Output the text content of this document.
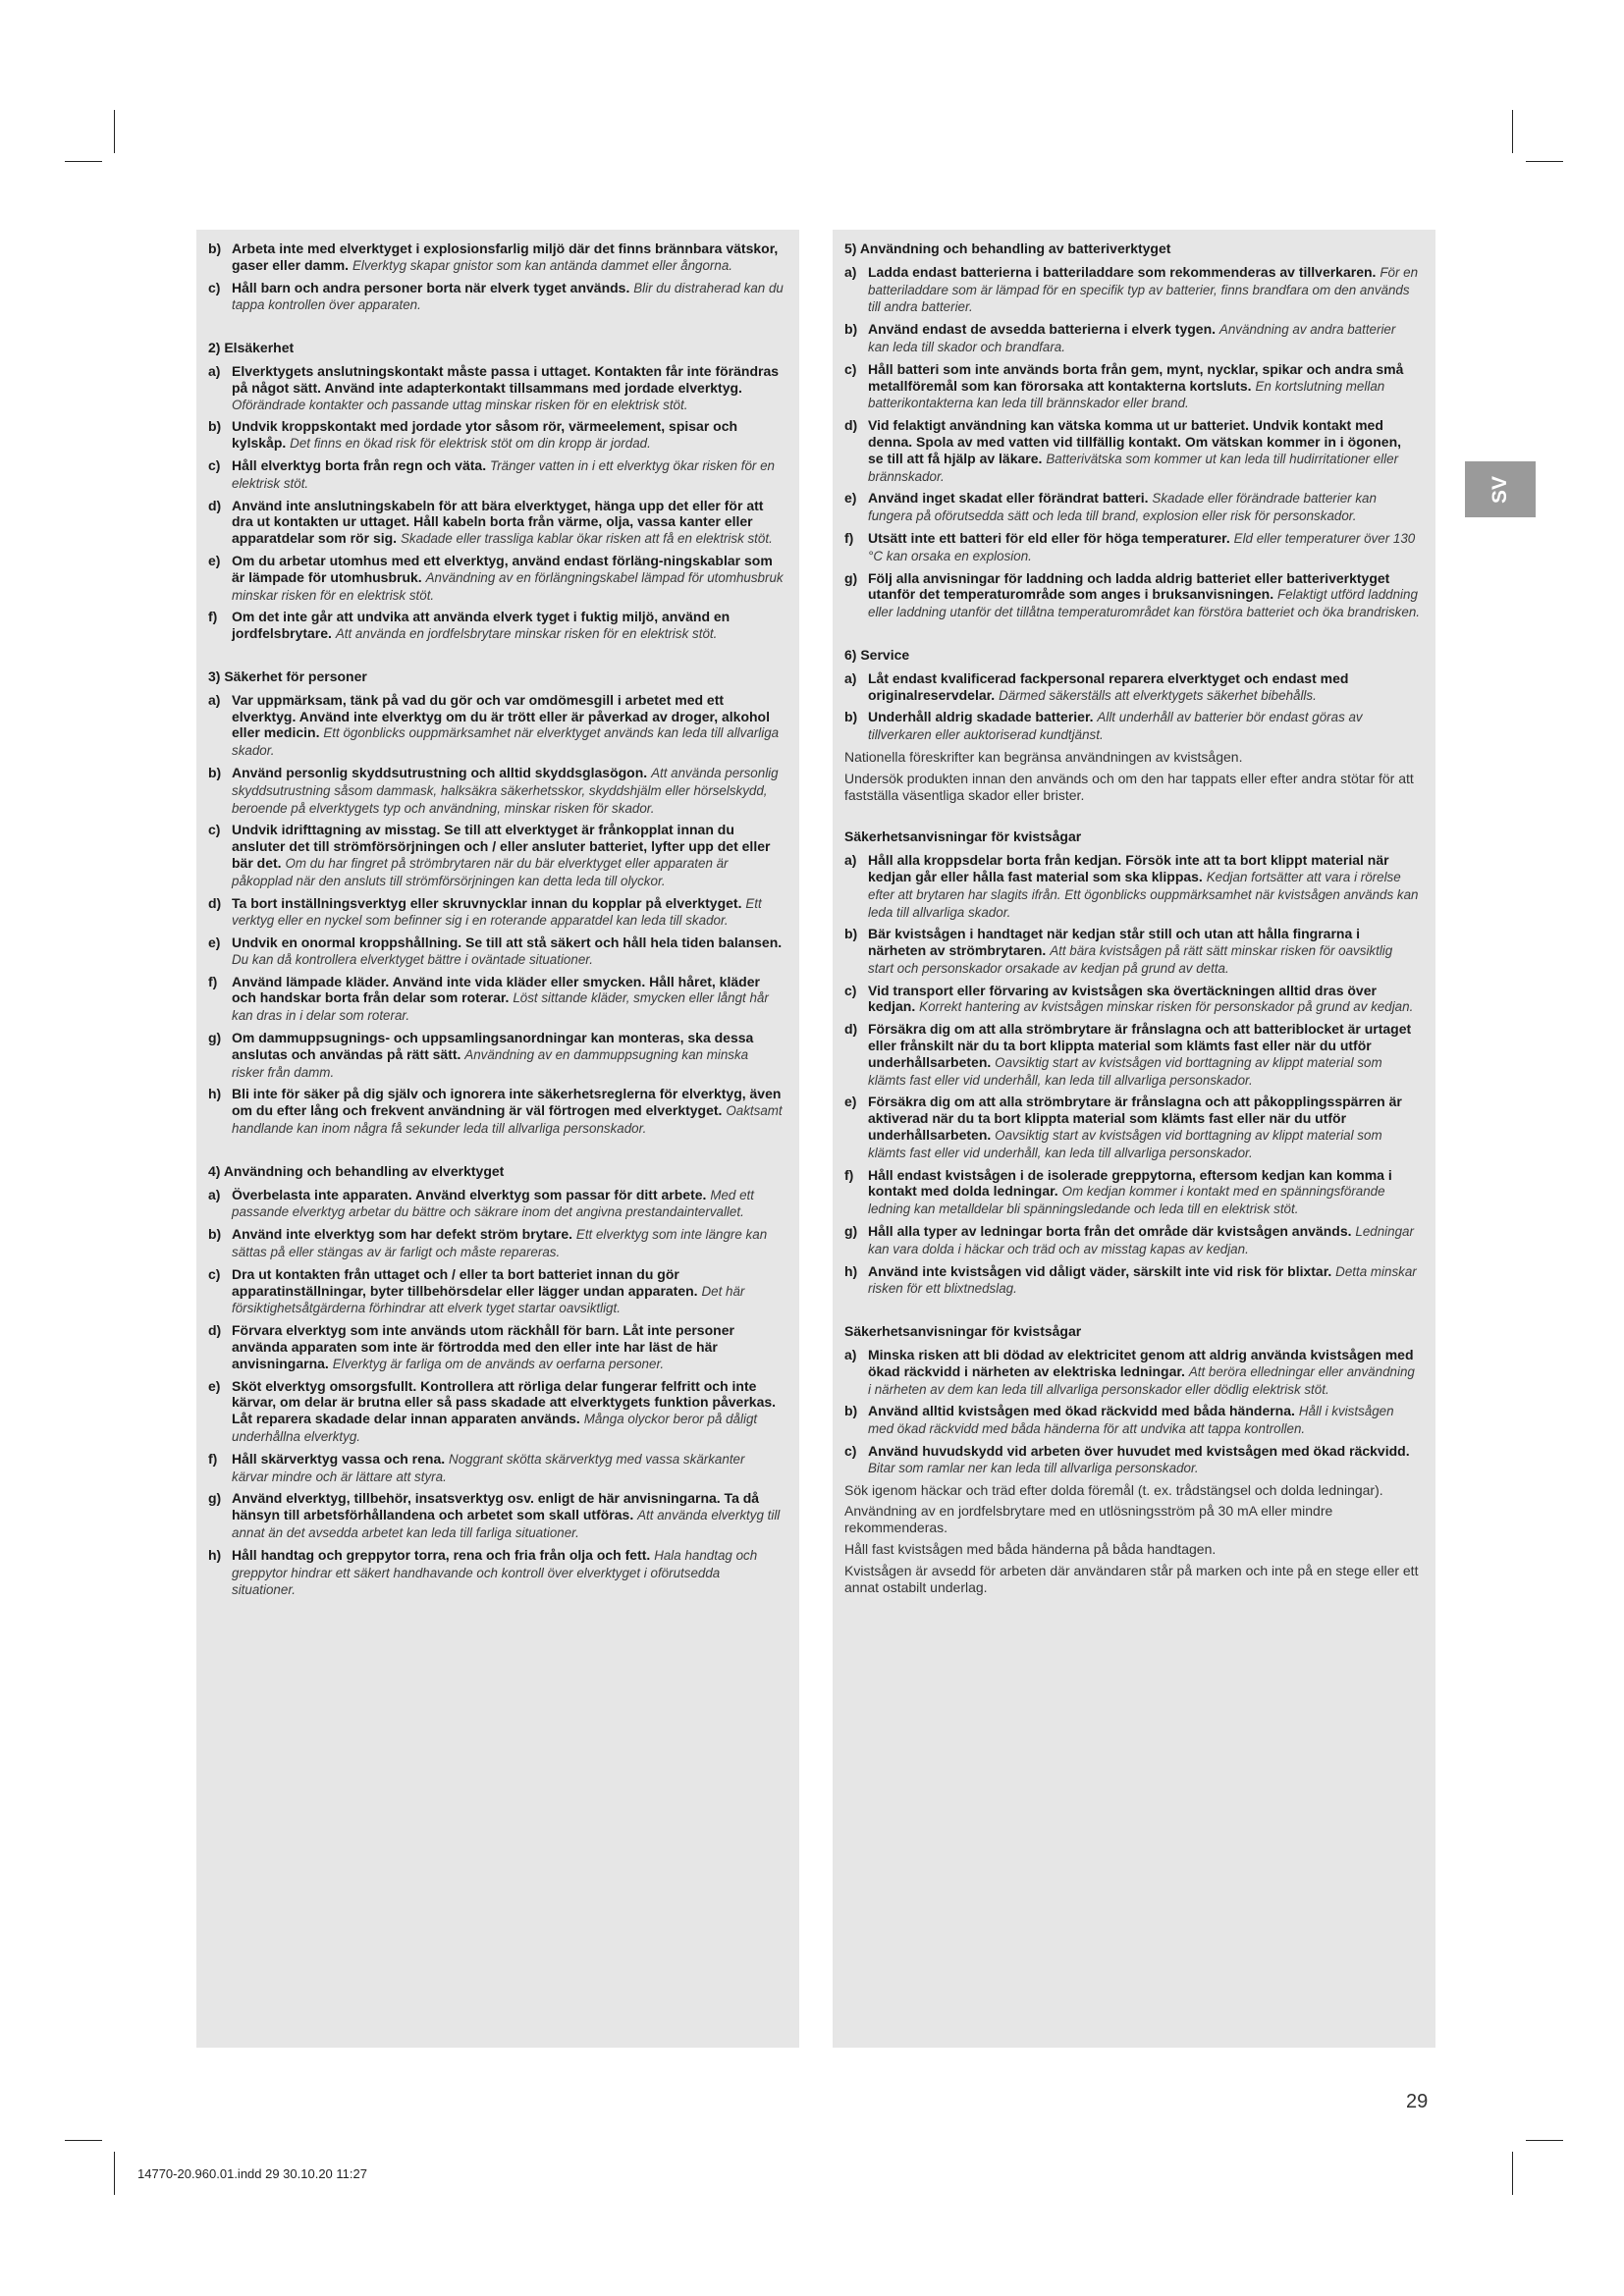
b) Arbeta inte med elverktyget i explosionsfarlig miljö där det finns brännbara vätskor, gaser eller damm. Elverktyg skapar gnistor som kan antända dammet eller ångorna.
c) Håll barn och andra personer borta när elverk tyget används. Blir du distraherad kan du tappa kontrollen över apparaten.
2) Elsäkerhet
a) Elverktygets anslutningskontakt måste passa i uttaget. Kontakten får inte förändras på något sätt. Använd inte adapterkontakt tillsammans med jordade elverktyg. Oförändrade kontakter och passande uttag minskar risken för en elektrisk stöt.
b) Undvik kroppskontakt med jordade ytor såsom rör, värmeelement, spisar och kylskåp. Det finns en ökad risk för elektrisk stöt om din kropp är jordad.
c) Håll elverktyg borta från regn och väta. Tränger vatten in i ett elverktyg ökar risken för en elektrisk stöt.
d) Använd inte anslutningskabeln för att bära elverktyget, hänga upp det eller för att dra ut kontakten ur uttaget. Håll kabeln borta från värme, olja, vassa kanter eller apparatdelar som rör sig. Skadade eller trassliga kablar ökar risken att få en elektrisk stöt.
e) Om du arbetar utomhus med ett elverktyg, använd endast förläng-ningskablar som är lämpade för utomhusbruk. Användning av en förlängningskabel lämpad för utomhusbruk minskar risken för en elektrisk stöt.
f)	Om det inte går att undvika att använda elverk tyget i fuktig miljö, använd en jordfelsbrytare. Att använda en jordfelsbrytare minskar risken för en elektrisk stöt.
3) Säkerhet för personer
a) Var uppmärksam, tänk på vad du gör och var omdömesgill i arbetet med ett elverktyg. Använd inte elverktyg om du är trött eller är påverkad av droger, alkohol eller medicin. Ett ögonblicks ouppmärksamhet när elverktyget används kan leda till allvarliga skador.
b) Använd personlig skyddsutrustning och alltid skyddsglasögon. Att använda personlig skyddsutrustning såsom dammask, halksäkra säkerhetsskor, skyddshjälm eller hörselskydd, beroende på elverktygets typ och användning, minskar risken för skador.
c) Undvik idrifttagning av misstag. Se till att elverktyget är frånkopplat innan du ansluter det till strömförsörjningen och / eller ansluter batteriet, lyfter upp det eller bär det. Om du har fingret på strömbrytaren när du bär elverktyget eller apparaten är påkopplad när den ansluts till strömförsörjningen kan detta leda till olyckor.
d) Ta bort inställningsverktyg eller skruvnycklar innan du kopplar på elverktyget. Ett verktyg eller en nyckel som befinner sig i en roterande apparatdel kan leda till skador.
e) Undvik en onormal kroppshållning. Se till att stå säkert och håll hela tiden balansen. Du kan då kontrollera elverktyget bättre i oväntade situationer.
f)	Använd lämpade kläder. Använd inte vida kläder eller smycken. Håll håret, kläder och handskar borta från delar som roterar. Löst sittande kläder, smycken eller långt hår kan dras in i delar som roterar.
g) Om dammuppsugnings- och uppsamlingsanordningar kan monteras, ska dessa anslutas och användas på rätt sätt. Användning av en dammuppsugning kan minska risker från damm.
h) Bli inte för säker på dig själv och ignorera inte säkerhetsreglerna för elverktyg, även om du efter lång och frekvent användning är väl förtrogen med elverktyget. Oaktsamt handlande kan inom några få sekunder leda till allvarliga personskador.
4) Användning och behandling av elverktyget
a) Överbelasta inte apparaten. Använd elverktyg som passar för ditt arbete. Med ett passande elverktyg arbetar du bättre och säkrare inom det angivna prestandaintervallet.
b) Använd inte elverktyg som har defekt ström brytare. Ett elverktyg som inte längre kan sättas på eller stängas av är farligt och måste repareras.
c) Dra ut kontakten från uttaget och / eller ta bort batteriet innan du gör apparatinställningar, byter tillbehörsdelar eller lägger undan apparaten. Det här försiktighetsåtgärderna förhindrar att elverk tyget startar oavsiktligt.
d) Förvara elverktyg som inte används utom räckhåll för barn. Låt inte personer använda apparaten som inte är förtrodda med den eller inte har läst de här anvisningarna. Elverktyg är farliga om de används av oerfarna personer.
e) Sköt elverktyg omsorgsfullt. Kontrollera att rörliga delar fungerar felfritt och inte kärvar, om delar är brutna eller så pass skadade att elverktygets funktion påverkas. Låt reparera skadade delar innan apparaten används. Många olyckor beror på dåligt underhållna elverktyg.
f)	Håll skärverktyg vassa och rena. Noggrant skötta skärverktyg med vassa skärkanter kärvar mindre och är lättare att styra.
g) Använd elverktyg, tillbehör, insatsverktyg osv. enligt de här anvisningarna. Ta då hänsyn till arbetsförhållandena och arbetet som skall utföras. Att använda elverktyg till annat än det avsedda arbetet kan leda till farliga situationer.
h) Håll handtag och greppytor torra, rena och fria från olja och fett. Hala handtag och greppytor hindrar ett säkert handhavande och kontroll över elverktyget i oförutsedda situationer.
5) Användning och behandling av batteriverktyget
a) Ladda endast batterierna i batteriladdare som rekommenderas av tillverkaren. För en batteriladdare som är lämpad för en specifik typ av batterier, finns brandfara om den används till andra batterier.
b) Använd endast de avsedda batterierna i elverk tygen. Användning av andra batterier kan leda till skador och brandfara.
c) Håll batteri som inte används borta från gem, mynt, nycklar, spikar och andra små metallföremål som kan förorsaka att kontakterna kortsluts. En kortslutning mellan batterikontakterna kan leda till brännskador eller brand.
d) Vid felaktigt användning kan vätska komma ut ur batteriet. Undvik kontakt med denna. Spola av med vatten vid tillfällig kontakt. Om vätskan kommer in i ögonen, se till att få hjälp av läkare. Batterivätska som kommer ut kan leda till hudirritationer eller brännskador.
e) Använd inget skadat eller förändrat batteri. Skadade eller förändrade batterier kan fungera på oförutsedda sätt och leda till brand, explosion eller risk för personskador.
f)	Utsätt inte ett batteri för eld eller för höga temperaturer. Eld eller temperaturer över 130 °C kan orsaka en explosion.
g) Följ alla anvisningar för laddning och ladda aldrig batteriet eller batteriverktyget utanför det temperaturområde som anges i bruksanvisningen. Felaktigt utförd laddning eller laddning utanför det tillåtna temperaturområdet kan förstöra batteriet och öka brandrisken.
6) Service
a) Låt endast kvalificerad fackpersonal reparera elverktyget och endast med originalreservdelar. Därmed säkerställs att elverktygets säkerhet bibehålls.
b) Underhåll aldrig skadade batterier. Allt underhåll av batterier bör endast göras av tillverkaren eller auktoriserad kundtjänst.
Nationella föreskrifter kan begränsa användningen av kvistsågen.
Undersök produkten innan den används och om den har tappats eller efter andra stötar för att fastställa väsentliga skador eller brister.
Säkerhetsanvisningar för kvistsågar
a) Håll alla kroppsdelar borta från kedjan. Försök inte att ta bort klippt material när kedjan går eller hålla fast material som ska klippas. Kedjan fortsätter att vara i rörelse efter att brytaren har slagits ifrån. Ett ögonblicks ouppmärksamhet när kvistsågen används kan leda till allvarliga skador.
b) Bär kvistsågen i handtaget när kedjan står still och utan att hålla fingrarna i närheten av strömbrytaren. Att bära kvistsågen på rätt sätt minskar risken för oavsiktlig start och personskador orsakade av kedjan på grund av detta.
c) Vid transport eller förvaring av kvistsågen ska övertäckningen alltid dras över kedjan. Korrekt hantering av kvistsågen minskar risken för personskador på grund av kedjan.
d) Försäkra dig om att alla strömbrytare är frånslagna och att batteriblocket är urtaget eller frånskilt när du ta bort klippta material som klämts fast eller när du utför underhållsarbeten. Oavsiktig start av kvistsågen vid borttagning av klippt material som klämts fast eller vid underhåll, kan leda till allvarliga personskador.
e) Försäkra dig om att alla strömbrytare är frånslagna och att påkopplingsspärren är aktiverad när du ta bort klippta material som klämts fast eller när du utför underhållsarbeten. Oavsiktig start av kvistsågen vid borttagning av klippt material som klämts fast eller vid underhåll, kan leda till allvarliga personskador.
f)	Håll endast kvistsågen i de isolerade greppytorna, eftersom kedjan kan komma i kontakt med dolda ledningar. Om kedjan kommer i kontakt med en spänningsförande ledning kan metalldelar bli spänningsledande och leda till en elektrisk stöt.
g) Håll alla typer av ledningar borta från det område där kvistsågen används. Ledningar kan vara dolda i häckar och träd och av misstag kapas av kedjan.
h) Använd inte kvistsågen vid dåligt väder, särskilt inte vid risk för blixtar. Detta minskar risken för ett blixtnedslag.
Säkerhetsanvisningar för kvistsågar
a) Minska risken att bli dödad av elektricitet genom att aldrig använda kvistsågen med ökad räckvidd i närheten av elektriska ledningar. Att beröra elledningar eller användning i närheten av dem kan leda till allvarliga personskador eller dödlig elektrisk stöt.
b) Använd alltid kvistsågen med ökad räckvidd med båda händerna. Håll i kvistsågen med ökad räckvidd med båda händerna för att undvika att tappa kontrollen.
c) Använd huvudskydd vid arbeten över huvudet med kvistsågen med ökad räckvidd. Bitar som ramlar ner kan leda till allvarliga personskador.
Sök igenom häckar och träd efter dolda föremål (t. ex. trådstängsel och dolda ledningar).
Användning av en jordfelsbrytare med en utlösningsström på 30 mA eller mindre rekommenderas.
Håll fast kvistsågen med båda händerna på båda handtagen.
Kvistsågen är avsedd för arbeten där användaren står på marken och inte på en stege eller ett annat ostabilt underlag.
SV
29
14770-20.960.01.indd 29 30.10.20 11:27
